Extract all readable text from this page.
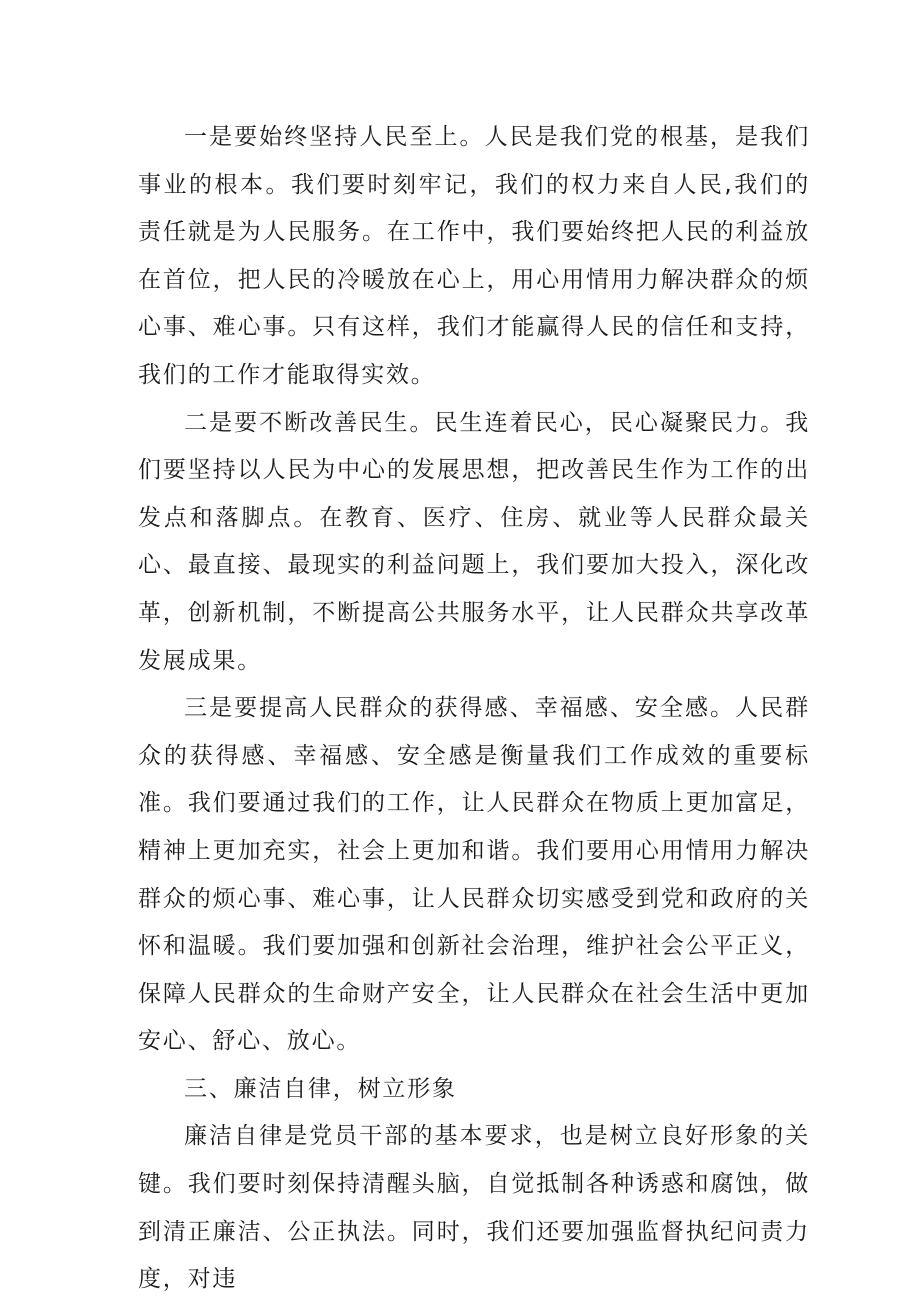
一是要始终坚持人民至上。人民是我们党的根基，是我们事业的根本。我们要时刻牢记，我们的权力来自人民,我们的责任就是为人民服务。在工作中，我们要始终把人民的利益放在首位，把人民的冷暖放在心上，用心用情用力解决群众的烦心事、难心事。只有这样，我们才能赢得人民的信任和支持，我们的工作才能取得实效。

二是要不断改善民生。民生连着民心，民心凝聚民力。我们要坚持以人民为中心的发展思想，把改善民生作为工作的出发点和落脚点。在教育、医疗、住房、就业等人民群众最关心、最直接、最现实的利益问题上，我们要加大投入，深化改革，创新机制，不断提高公共服务水平，让人民群众共享改革发展成果。

三是要提高人民群众的获得感、幸福感、安全感。人民群众的获得感、幸福感、安全感是衡量我们工作成效的重要标准。我们要通过我们的工作，让人民群众在物质上更加富足，精神上更加充实，社会上更加和谐。我们要用心用情用力解决群众的烦心事、难心事，让人民群众切实感受到党和政府的关怀和温暖。我们要加强和创新社会治理，维护社会公平正义，保障人民群众的生命财产安全，让人民群众在社会生活中更加安心、舒心、放心。

三、廉洁自律，树立形象

廉洁自律是党员干部的基本要求，也是树立良好形象的关键。我们要时刻保持清醒头脑，自觉抵制各种诱惑和腐蚀，做到清正廉洁、公正执法。同时，我们还要加强监督执纪问责力度，对违
